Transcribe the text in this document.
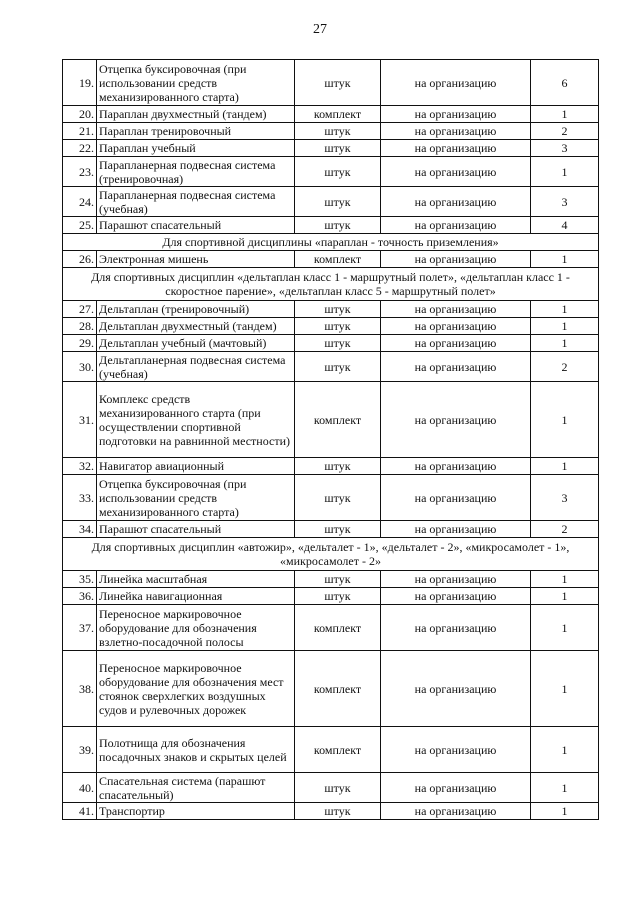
27
19.	Отцепка буксировочная (при использовании средств механизированного старта)	штук	на организацию	6
20.	Параплан двухместный (тандем)	комплект	на организацию	1
21.	Параплан тренировочный	штук	на организацию	2
22.	Параплан учебный	штук	на организацию	3
23.	Парапланерная подвесная система (тренировочная)	штук	на организацию	1
24.	Парапланерная подвесная система (учебная)	штук	на организацию	3
25.	Парашют спасательный	штук	на организацию	4
Для спортивной дисциплины «параплан - точность приземления»				
26.	Электронная мишень	комплект	на организацию	1
Для спортивных дисциплин «дельтаплан класс 1 - маршрутный полет», «дельтаплан класс 1 - скоростное парение», «дельтаплан класс 5 - маршрутный полет»				
27.	Дельтаплан (тренировочный)	штук	на организацию	1
28.	Дельтаплан двухместный (тандем)	штук	на организацию	1
29.	Дельтаплан учебный (мачтовый)	штук	на организацию	1
30.	Дельтапланерная подвесная система (учебная)	штук	на организацию	2
31.	Комплекс средств механизированного старта (при осуществлении спортивной подготовки на равнинной местности)	комплект	на организацию	1
32.	Навигатор авиационный	штук	на организацию	1
33.	Отцепка буксировочная (при использовании средств механизированного старта)	штук	на организацию	3
34.	Парашют спасательный	штук	на организацию	2
Для спортивных дисциплин «автожир», «дельталет - 1», «дельталет - 2», «микросамолет - 1», «микросамолет - 2»				
35.	Линейка масштабная	штук	на организацию	1
36.	Линейка навигационная	штук	на организацию	1
37.	Переносное маркировочное оборудование для обозначения взлетно-посадочной полосы	комплект	на организацию	1
38.	Переносное маркировочное оборудование для обозначения мест стоянок сверхлегких воздушных судов и рулевочных дорожек	комплект	на организацию	1
39.	Полотнища для обозначения посадочных знаков и скрытых целей	комплект	на организацию	1
40.	Спасательная система (парашют спасательный)	штук	на организацию	1
41.	Транспортир	штук	на организацию	1
